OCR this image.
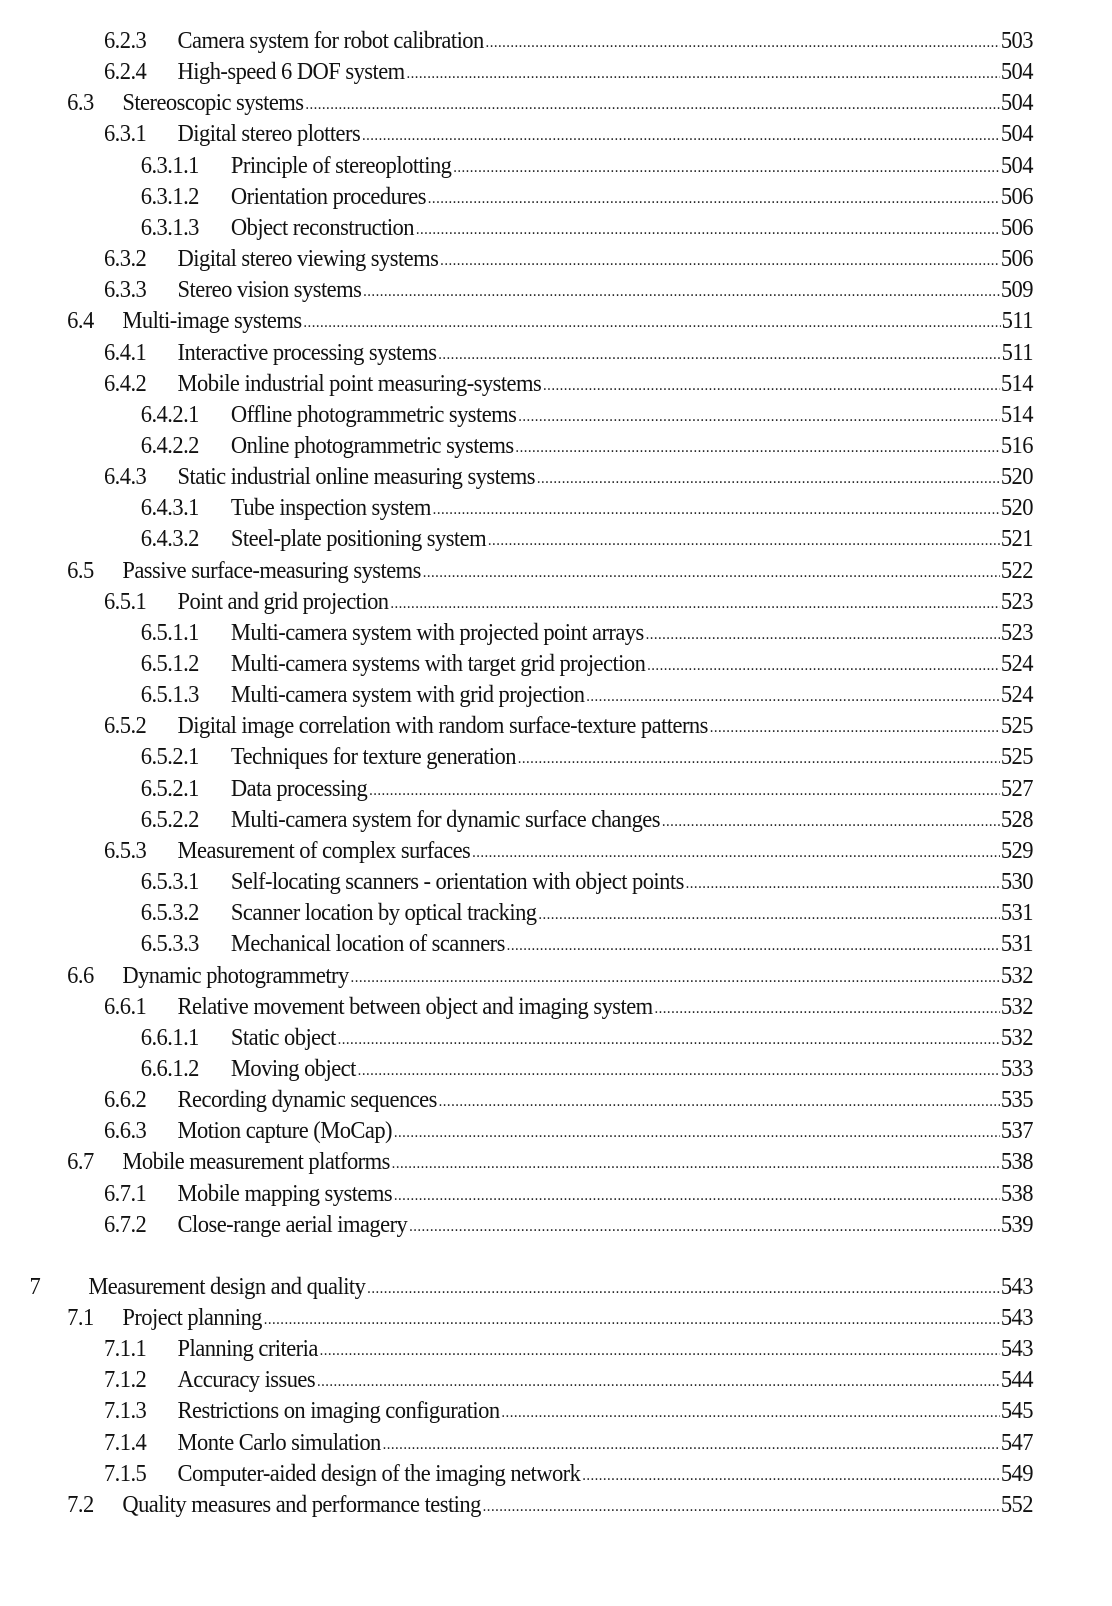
6.2.3	Camera system for robot calibration .....	503
6.2.4	High-speed 6 DOF system .....	504
6.3	Stereoscopic systems .....	504
6.3.1	Digital stereo plotters .....	504
6.3.1.1	Principle of stereoplotting .....	504
6.3.1.2	Orientation procedures .....	506
6.3.1.3	Object reconstruction .....	506
6.3.2	Digital stereo viewing systems .....	506
6.3.3	Stereo vision systems .....	509
6.4	Multi-image systems .....	511
6.4.1	Interactive processing systems .....	511
6.4.2	Mobile industrial point measuring-systems .....	514
6.4.2.1	Offline photogrammetric systems .....	514
6.4.2.2	Online photogrammetric systems .....	516
6.4.3	Static industrial online measuring systems .....	520
6.4.3.1	Tube inspection system .....	520
6.4.3.2	Steel-plate positioning system .....	521
6.5	Passive surface-measuring systems .....	522
6.5.1	Point and grid projection .....	523
6.5.1.1	Multi-camera system with projected point arrays .....	523
6.5.1.2	Multi-camera systems with target grid projection .....	524
6.5.1.3	Multi-camera system with grid projection .....	524
6.5.2	Digital image correlation with random surface-texture patterns .....	525
6.5.2.1	Techniques for texture generation .....	525
6.5.2.1	Data processing .....	527
6.5.2.2	Multi-camera system for dynamic surface changes .....	528
6.5.3	Measurement of complex surfaces .....	529
6.5.3.1	Self-locating scanners - orientation with object points .....	530
6.5.3.2	Scanner location by optical tracking .....	531
6.5.3.3	Mechanical location of scanners .....	531
6.6	Dynamic photogrammetry .....	532
6.6.1	Relative movement between object and imaging system .....	532
6.6.1.1	Static object .....	532
6.6.1.2	Moving object .....	533
6.6.2	Recording dynamic sequences .....	535
6.6.3	Motion capture (MoCap) .....	537
6.7	Mobile measurement platforms .....	538
6.7.1	Mobile mapping systems .....	538
6.7.2	Close-range aerial imagery .....	539
7	Measurement design and quality .....	543
7.1	Project planning .....	543
7.1.1	Planning criteria .....	543
7.1.2	Accuracy issues .....	544
7.1.3	Restrictions on imaging configuration .....	545
7.1.4	Monte Carlo simulation .....	547
7.1.5	Computer-aided design of the imaging network .....	549
7.2	Quality measures and performance testing .....	552
